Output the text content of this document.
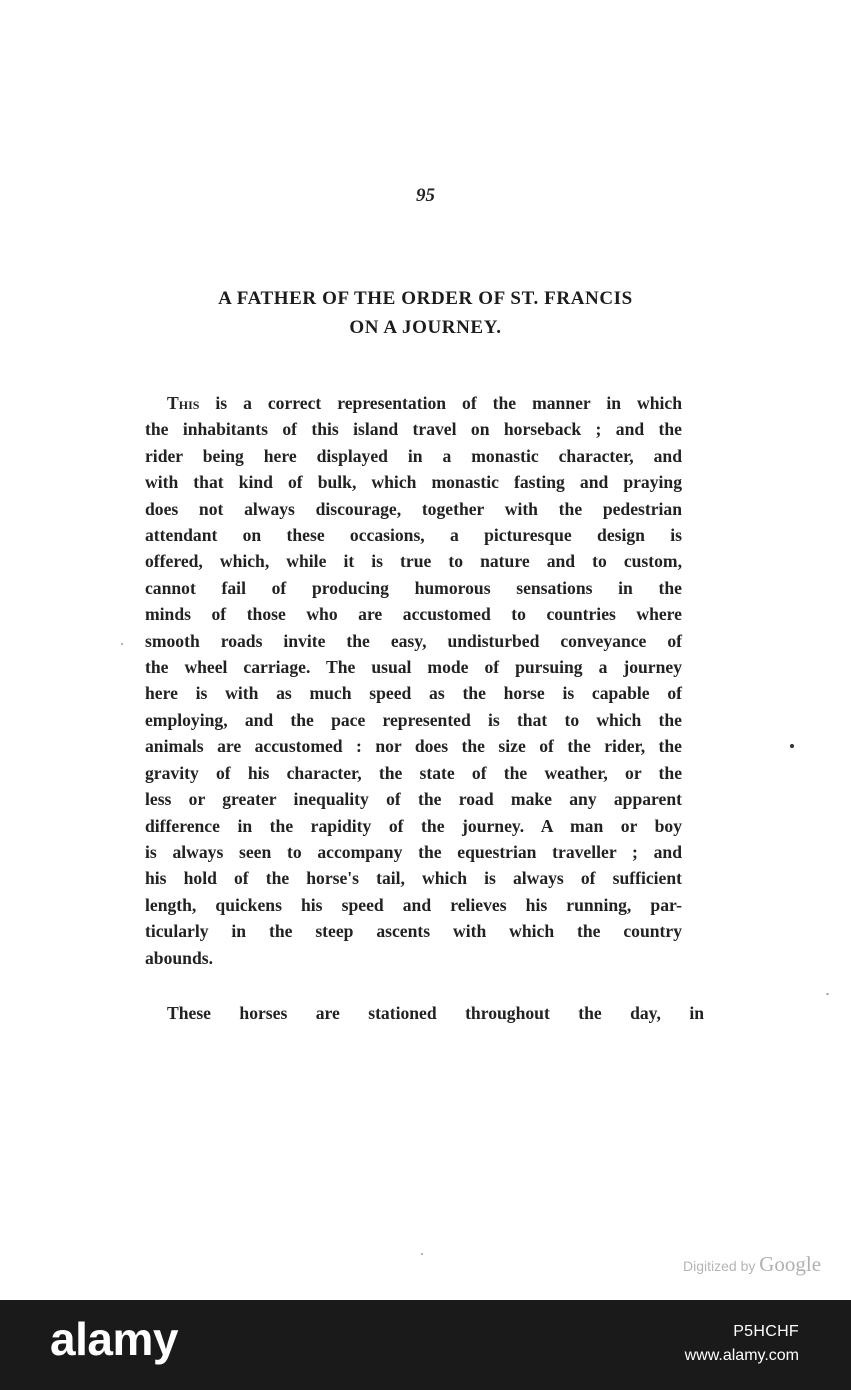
95
A FATHER OF THE ORDER OF ST. FRANCIS
ON A JOURNEY.
This is a correct representation of the manner in which
the inhabitants of this island travel on horseback ; and the
rider being here displayed in a monastic character, and
with that kind of bulk, which monastic fasting and praying
does not always discourage, together with the pedestrian
attendant on these occasions, a picturesque design is
offered, which, while it is true to nature and to custom,
cannot fail of producing humorous sensations in the
minds of those who are accustomed to countries where
smooth roads invite the easy, undisturbed conveyance of
the wheel carriage. The usual mode of pursuing a journey
here is with as much speed as the horse is capable of
employing, and the pace represented is that to which the
animals are accustomed : nor does the size of the rider, the
gravity of his character, the state of the weather, or the
less or greater inequality of the road make any apparent
difference in the rapidity of the journey. A man or boy
is always seen to accompany the equestrian traveller ; and
his hold of the horse's tail, which is always of sufficient
length, quickens his speed and relieves his running, par-
ticularly in the steep ascents with which the country
abounds.
These horses are stationed throughout the day, in
Digitized by Google
alamy	P5HCHF
www.alamy.com
